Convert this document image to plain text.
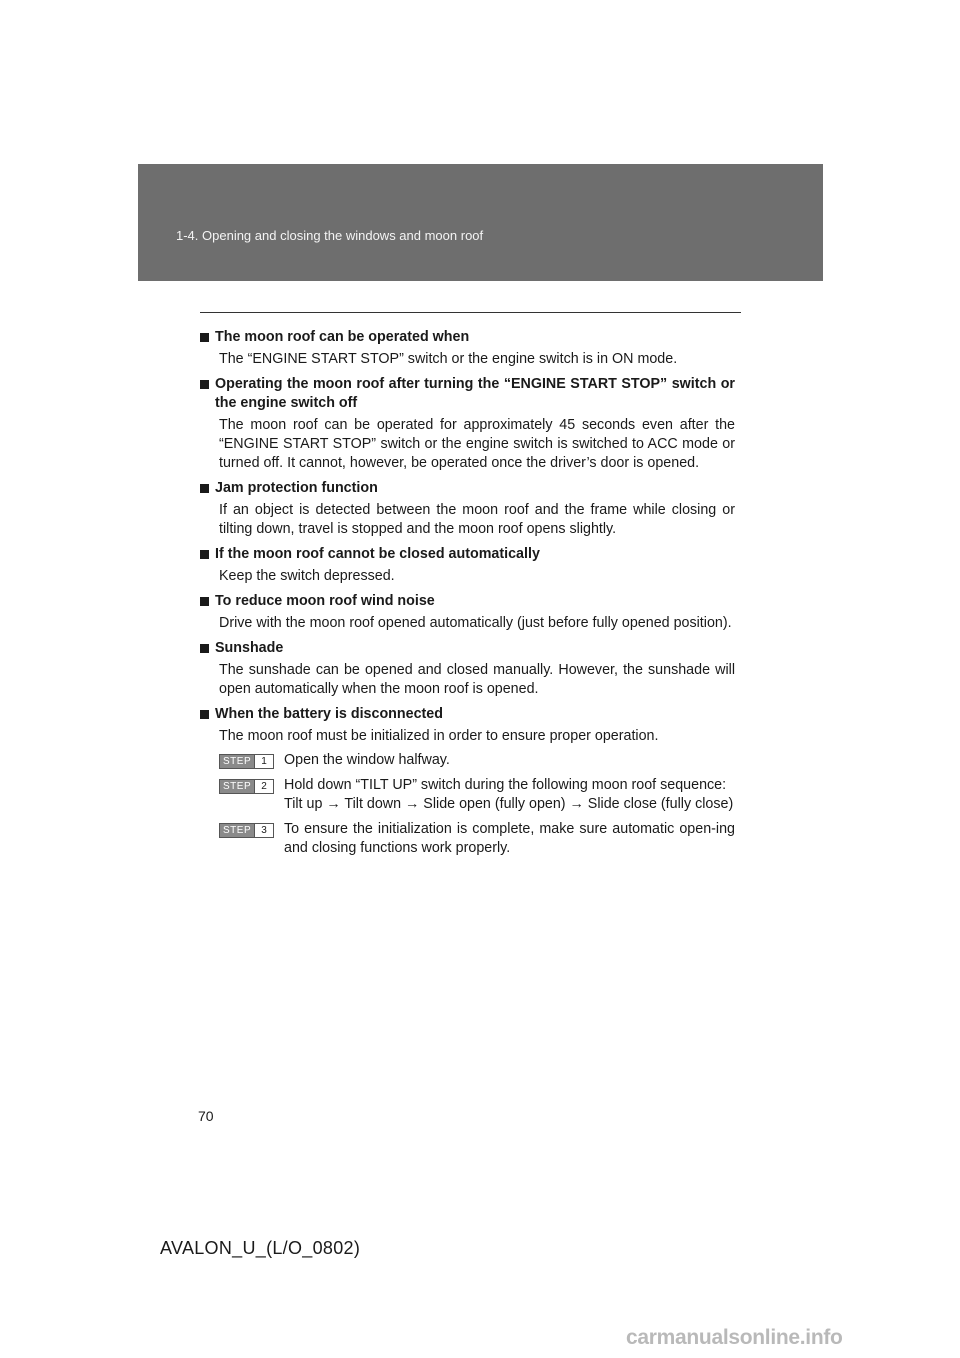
1-4. Opening and closing the windows and moon roof
The moon roof can be operated when
The “ENGINE START STOP” switch or the engine switch is in ON mode.
Operating the moon roof after turning the “ENGINE START STOP” switch or the engine switch off
The moon roof can be operated for approximately 45 seconds even after the “ENGINE START STOP” switch or the engine switch is switched to ACC mode or turned off. It cannot, however, be operated once the driver’s door is opened.
Jam protection function
If an object is detected between the moon roof and the frame while closing or tilting down, travel is stopped and the moon roof opens slightly.
If the moon roof cannot be closed automatically
Keep the switch depressed.
To reduce moon roof wind noise
Drive with the moon roof opened automatically (just before fully opened position).
Sunshade
The sunshade can be opened and closed manually. However, the sunshade will open automatically when the moon roof is opened.
When the battery is disconnected
The moon roof must be initialized in order to ensure proper operation.
STEP	1	Open the window halfway.
STEP	2	Hold down “TILT UP” switch during the following moon roof sequence:
Tilt up → Tilt down → Slide open (fully open) → Slide close (fully close)
STEP	3	To ensure the initialization is complete, make sure automatic open-ing and closing functions work properly.
70
AVALON_U_(L/O_0802)
carmanualsonline.info
